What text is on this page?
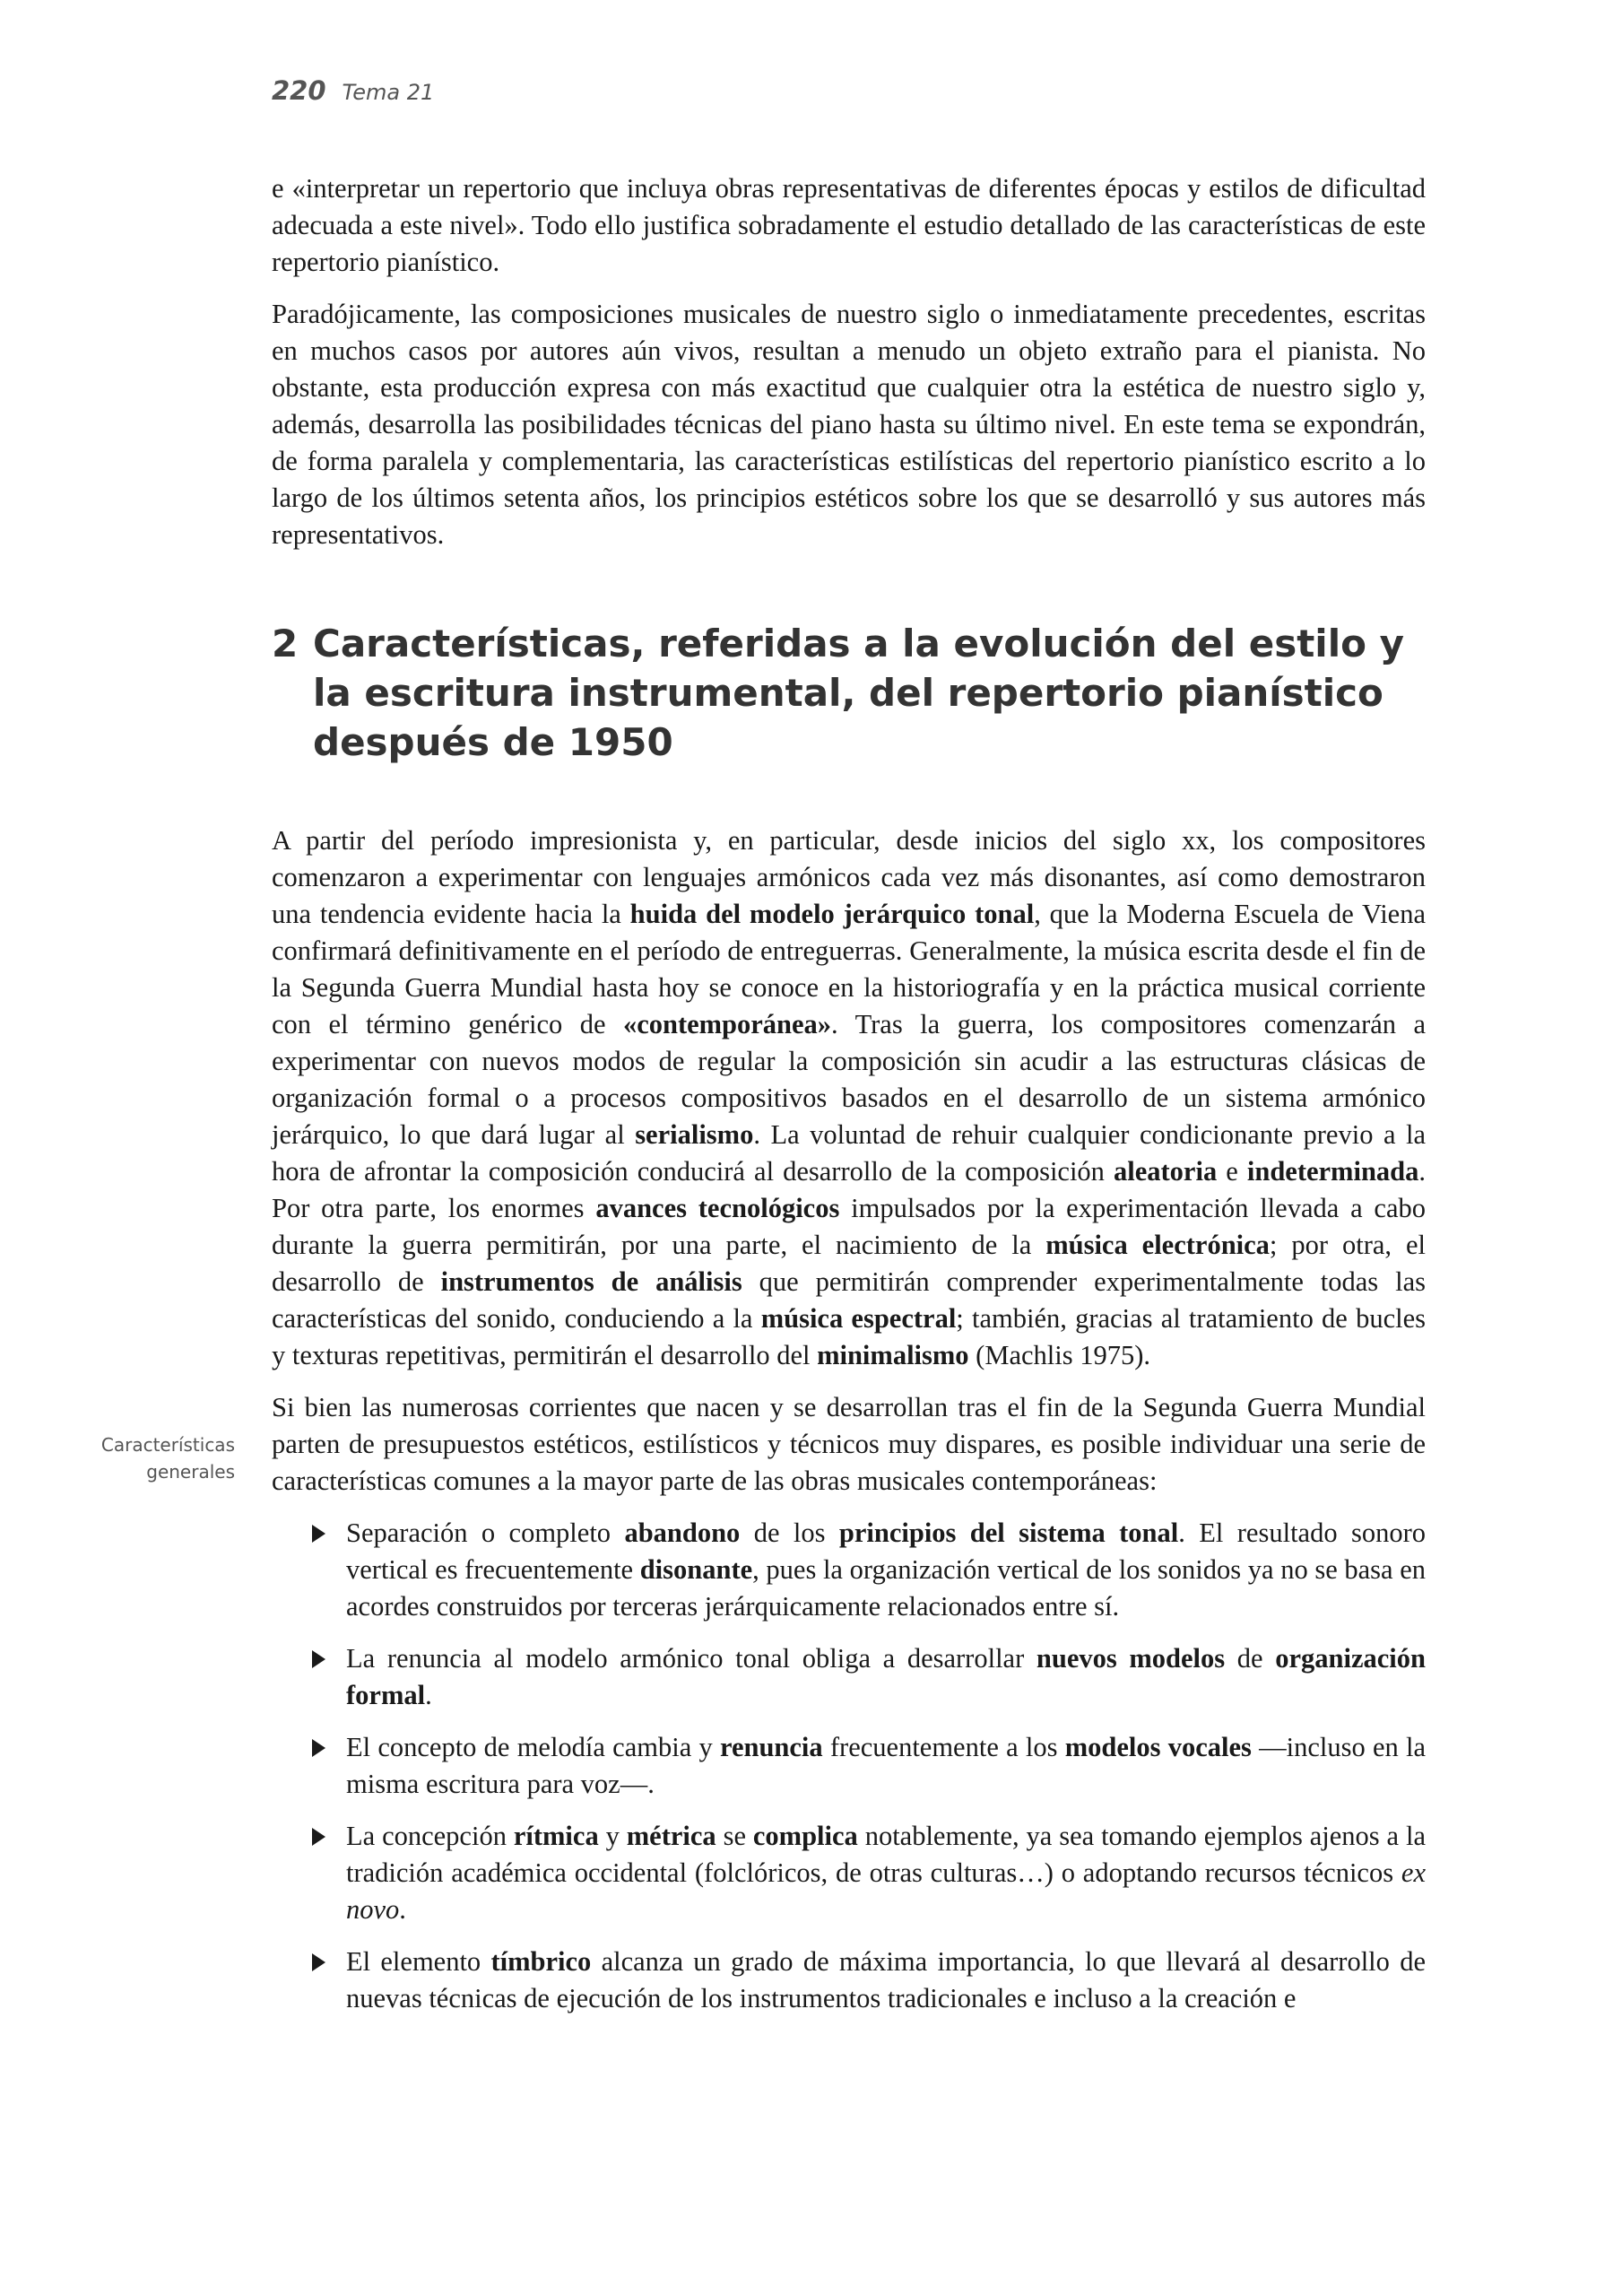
220 Tema 21

e «interpretar un repertorio que incluya obras representativas de diferentes épocas y estilos de dificultad adecuada a este nivel». Todo ello justifica sobradamente el estudio detallado de las características de este repertorio pianístico.

Paradójicamente, las composiciones musicales de nuestro siglo o inmediatamente precedentes, escritas en muchos casos por autores aún vivos, resultan a menudo un objeto extraño para el pianista. No obstante, esta producción expresa con más exactitud que cualquier otra la estética de nuestro siglo y, además, desarrolla las posibilidades técnicas del piano hasta su último nivel. En este tema se expondrán, de forma paralela y complementaria, las características estilísticas del repertorio pianístico escrito a lo largo de los últimos setenta años, los principios estéticos sobre los que se desarrolló y sus autores más representativos.

2 Características, referidas a la evolución del estilo y la escritura instrumental, del repertorio pianístico después de 1950

A partir del período impresionista y, en particular, desde inicios del siglo xx, los compositores comenzaron a experimentar con lenguajes armónicos cada vez más disonantes, así como demostraron una tendencia evidente hacia la huida del modelo jerárquico tonal, que la Moderna Escuela de Viena confirmará definitivamente en el período de entreguerras. Generalmente, la música escrita desde el fin de la Segunda Guerra Mundial hasta hoy se conoce en la historiografía y en la práctica musical corriente con el término genérico de «contemporánea». Tras la guerra, los compositores comenzarán a experimentar con nuevos modos de regular la composición sin acudir a las estructuras clásicas de organización formal o a procesos compositivos basados en el desarrollo de un sistema armónico jerárquico, lo que dará lugar al serialismo. La voluntad de rehuir cualquier condicionante previo a la hora de afrontar la composición conducirá al desarrollo de la composición aleatoria e indeterminada. Por otra parte, los enormes avances tecnológicos impulsados por la experimentación llevada a cabo durante la guerra permitirán, por una parte, el nacimiento de la música electrónica; por otra, el desarrollo de instrumentos de análisis que permitirán comprender experimentalmente todas las características del sonido, conduciendo a la música espectral; también, gracias al tratamiento de bucles y texturas repetitivas, permitirán el desarrollo del minimalismo (Machlis 1975).

Si bien las numerosas corrientes que nacen y se desarrollan tras el fin de la Segunda Guerra Mundial parten de presupuestos estéticos, estilísticos y técnicos muy dispares, es posible individuar una serie de características comunes a la mayor parte de las obras musicales contemporáneas:

Separación o completo abandono de los principios del sistema tonal. El resultado sonoro vertical es frecuentemente disonante, pues la organización vertical de los sonidos ya no se basa en acordes construidos por terceras jerárquicamente relacionados entre sí.
La renuncia al modelo armónico tonal obliga a desarrollar nuevos modelos de organización formal.
El concepto de melodía cambia y renuncia frecuentemente a los modelos vocales —incluso en la misma escritura para voz—.
La concepción rítmica y métrica se complica notablemente, ya sea tomando ejemplos ajenos a la tradición académica occidental (folclóricos, de otras culturas…) o adoptando recursos técnicos ex novo.
El elemento tímbrico alcanza un grado de máxima importancia, lo que llevará al desarrollo de nuevas técnicas de ejecución de los instrumentos tradicionales e incluso a la creación e
Características
generales
